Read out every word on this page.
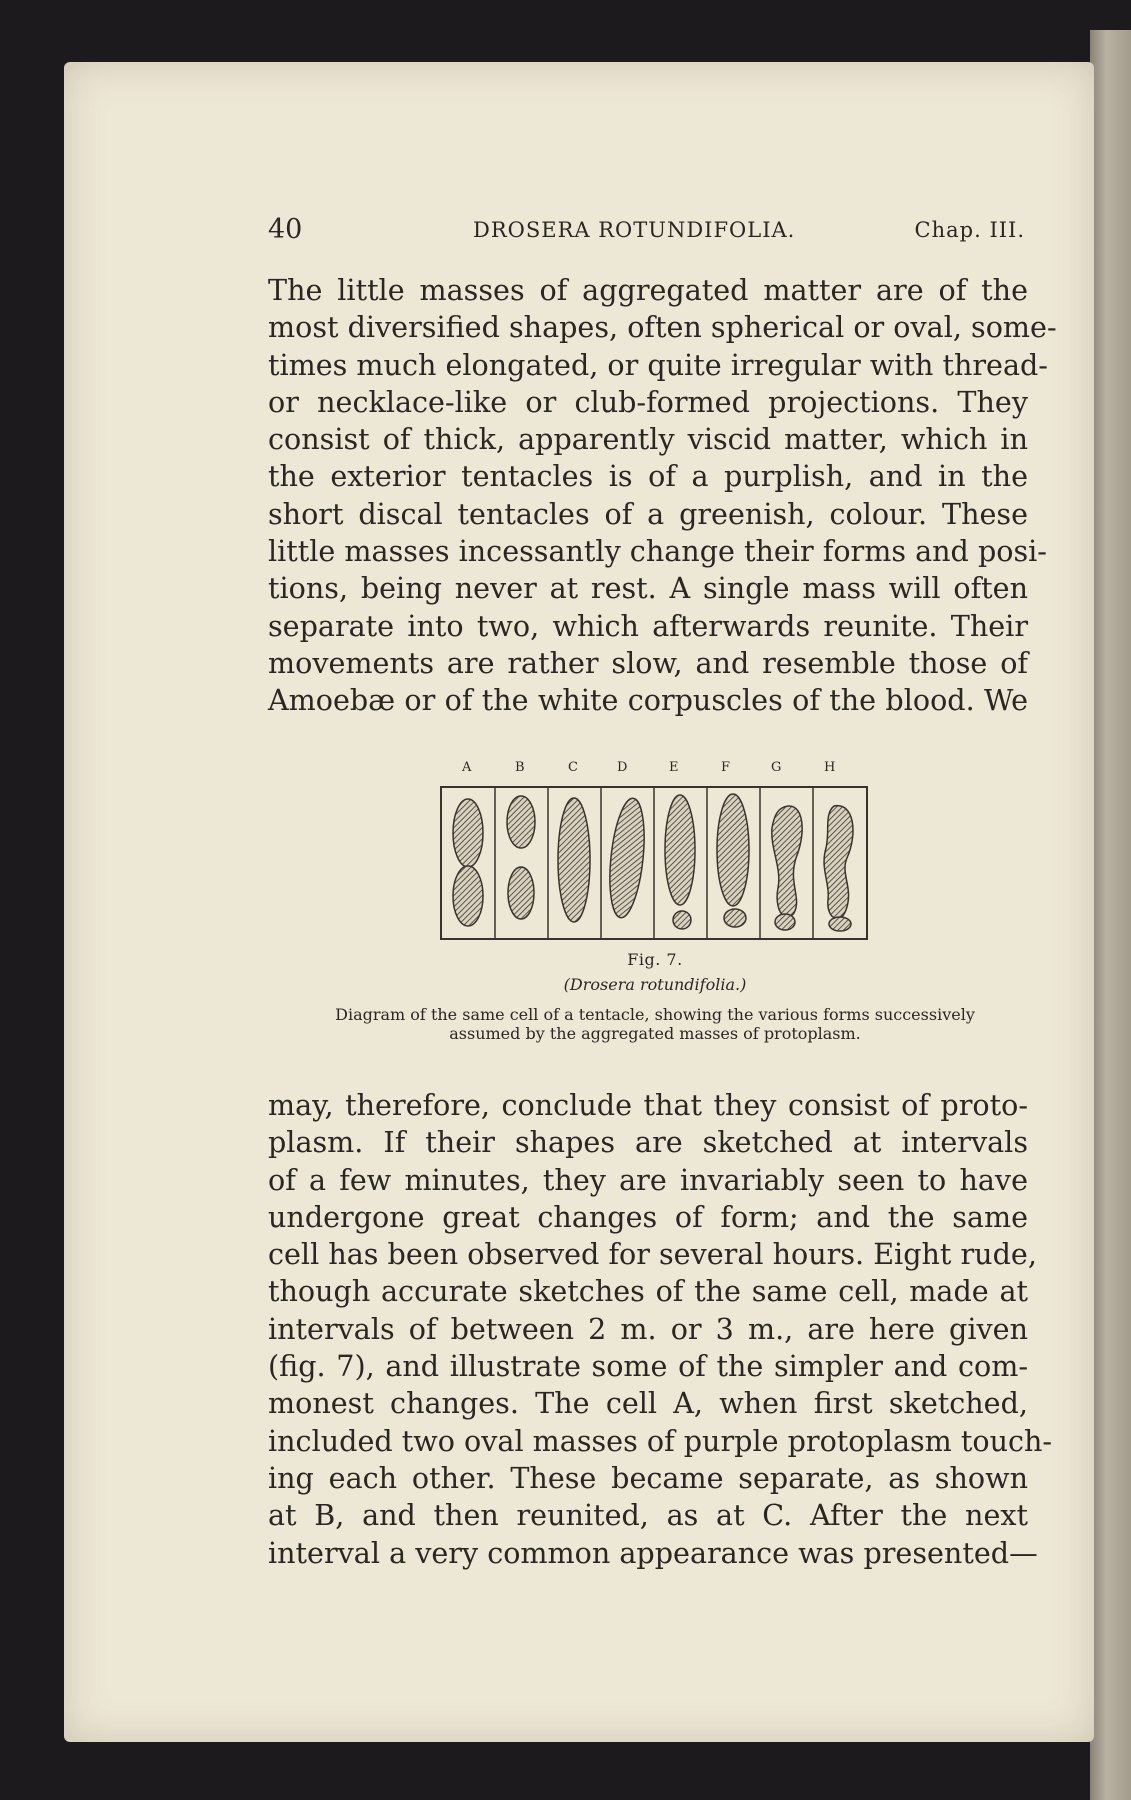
40	DROSERA ROTUNDIFOLIA.	Chap. III.
The little masses of aggregated matter are of the
most diversified shapes, often spherical or oval, some-
times much elongated, or quite irregular with thread-
or necklace-like or club-formed projections. They
consist of thick, apparently viscid matter, which in
the exterior tentacles is of a purplish, and in the
short discal tentacles of a greenish, colour. These
little masses incessantly change their forms and posi-
tions, being never at rest. A single mass will often
separate into two, which afterwards reunite. Their
movements are rather slow, and resemble those of
Amoebæ or of the white corpuscles of the blood. We
A	B	C	D	E	F	G	H
Fig. 7.
(Drosera rotundifolia.)
Diagram of the same cell of a tentacle, showing the various forms successively
assumed by the aggregated masses of protoplasm.
may, therefore, conclude that they consist of proto-
plasm. If their shapes are sketched at intervals
of a few minutes, they are invariably seen to have
undergone great changes of form; and the same
cell has been observed for several hours. Eight rude,
though accurate sketches of the same cell, made at
intervals of between 2 m. or 3 m., are here given
(fig. 7), and illustrate some of the simpler and com-
monest changes. The cell A, when first sketched,
included two oval masses of purple protoplasm touch-
ing each other. These became separate, as shown
at B, and then reunited, as at C. After the next
interval a very common appearance was presented—
